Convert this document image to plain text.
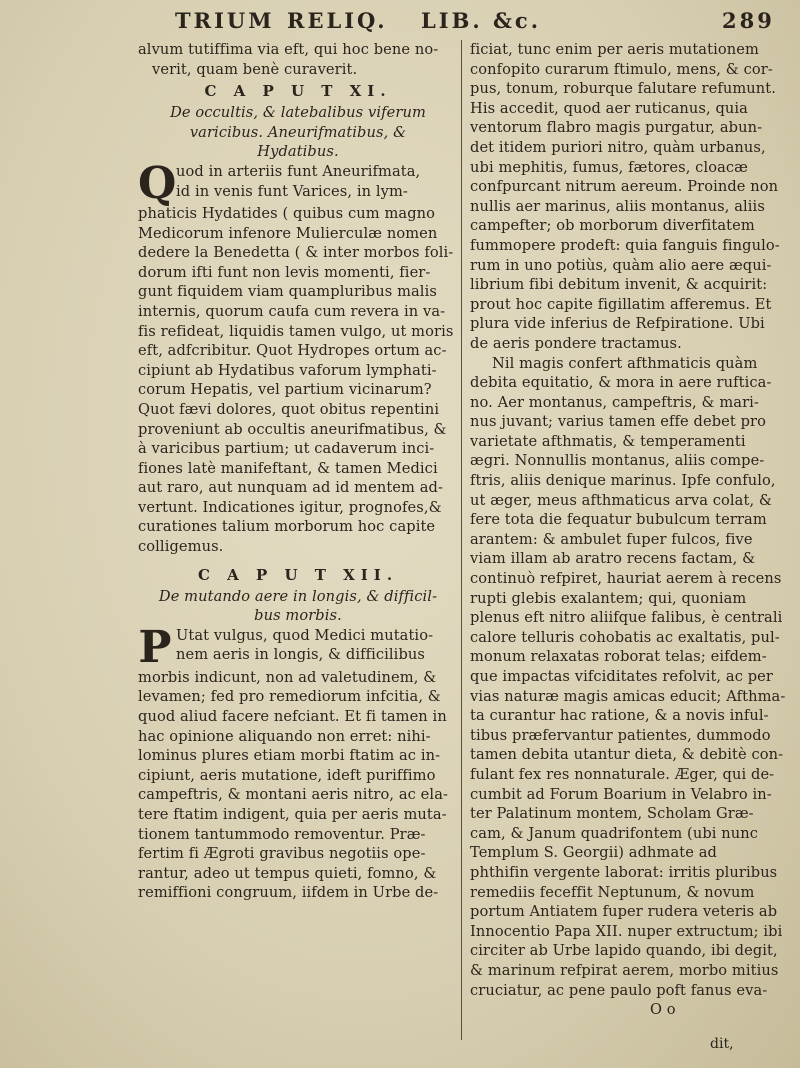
TRIUM RELIQ. LIB. &c.	289
alvum tutiffima via eft, qui hoc bene no-
verit, quam benè curaverit.
C A P U T XI.
De occultis, & latebalibus viferum
varicibus. Aneurifmatibus, &
Hydatibus.
Q uod in arteriis funt Aneurifmata,
id in venis funt Varices, in lym-
phaticis Hydatides ( quibus cum magno
Medicorum infenore Mulierculæ nomen
dedere la Benedetta ( & inter morbos foli-
dorum ifti funt non levis momenti, fier-
gunt fiquidem viam quampluribus malis
internis, quorum caufa cum revera in va-
fis refideat, liquidis tamen vulgo, ut moris
eft, adfcribitur. Quot Hydropes ortum ac-
cipiunt ab Hydatibus vaforum lymphati-
corum Hepatis, vel partium vicinarum?
Quot fævi dolores, quot obitus repentini
proveniunt ab occultis aneurifmatibus, &
à varicibus partium; ut cadaverum inci-
fiones latè manifeftant, & tamen Medici
aut raro, aut nunquam ad id mentem ad-
vertunt. Indicationes igitur, prognofes,&
curationes talium morborum hoc capite
colligemus.
C A P U T XII.
De mutando aere in longis, & difficil-
bus morbis.
P Utat vulgus, quod Medici mutatio-
nem aeris in longis, & difficilibus
morbis indicunt, non ad valetudinem, &
levamen; fed pro remediorum infcitia, &
quod aliud facere nefciant. Et fi tamen in
hac opinione aliquando non erret: nihi-
lominus plures etiam morbi ftatim ac in-
cipiunt, aeris mutatione, ideft puriffimo
campeftris, & montani aeris nitro, ac ela-
tere ftatim indigent, quia per aeris muta-
tionem tantummodo removentur. Præ-
fertim fi Ægroti gravibus negotiis ope-
rantur, adeo ut tempus quieti, fomno, &
remiffioni congruum, iifdem in Urbe de-
ficiat, tunc enim per aeris mutationem
confopito curarum ftimulo, mens, & cor-
pus, tonum, roburque falutare refumunt.
His accedit, quod aer ruticanus, quia
ventorum flabro magis purgatur, abun-
det itidem puriori nitro, quàm urbanus,
ubi mephitis, fumus, fætores, cloacæ
confpurcant nitrum aereum. Proinde non
nullis aer marinus, aliis montanus, aliis
campefter; ob morborum diverfitatem
fummopere prodeft: quia fanguis fingulo-
rum in uno potiùs, quàm alio aere æqui-
librium fibi debitum invenit, & acquirit:
prout hoc capite figillatim afferemus. Et
plura vide inferius de Refpiratione. Ubi
de aeris pondere tractamus.
Nil magis confert afthmaticis quàm
debita equitatio, & mora in aere ruftica-
no. Aer montanus, campeftris, & mari-
nus juvant; varius tamen effe debet pro
varietate afthmatis, & temperamenti
ægri. Nonnullis montanus, aliis compe-
ftris, aliis denique marinus. Ipfe confulo,
ut æger, meus afthmaticus arva colat, &
fere tota die fequatur bubulcum terram
arantem: & ambulet fuper fulcos, five
viam illam ab aratro recens factam, &
continuò refpiret, hauriat aerem à recens
rupti glebis exalantem; qui, quoniam
plenus eft nitro aliifque falibus, è centrali
calore telluris cohobatis ac exaltatis, pul-
monum relaxatas roborat telas; eifdem-
que impactas vifciditates refolvit, ac per
vias naturæ magis amicas educit; Afthma-
ta curantur hac ratione, & a novis inful-
tibus præfervantur patientes, dummodo
tamen debita utantur dieta, & debitè con-
fulant fex res nonnaturale. Æger, qui de-
cumbit ad Forum Boarium in Velabro in-
ter Palatinum montem, Scholam Græ-
cam, & Janum quadrifontem (ubi nunc
Templum S. Georgii) adhmate ad
phthifin vergente laborat: irritis pluribus
remediis feceffit Neptunum, & novum
portum Antiatem fuper rudera veteris ab
Innocentio Papa XII. nuper extructum; ibi
circiter ab Urbe lapido quando, ibi degit,
& marinum refpirat aerem, morbo mitius
cruciatur, ac pene paulo poft fanus eva-
O o
dit,
